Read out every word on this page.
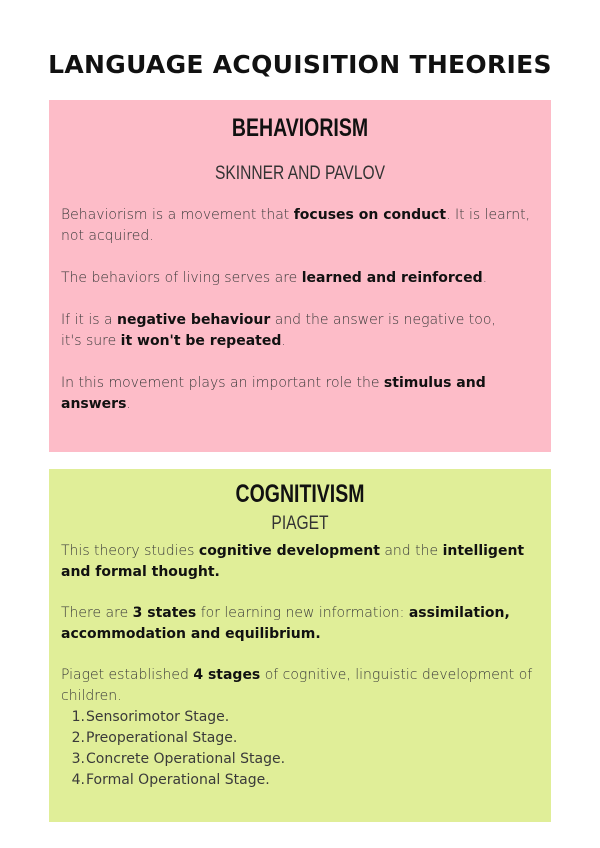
LANGUAGE ACQUISITION THEORIES
BEHAVIORISM
SKINNER AND PAVLOV

Behaviorism is a movement that focuses on conduct. It is learnt,
not acquired.

The behaviors of living serves are learned and reinforced.

If it is a negative behaviour and the answer is negative too,
it's sure it won't be repeated.

In this movement plays an important role the stimulus and answers.

COGNITIVISM
PIAGET

This theory studies cognitive development and the intelligent and formal thought.

There are 3 states for learning new information: assimilation, accommodation and equilibrium.

Piaget established 4 stages of cognitive, linguistic development of children.

1. Sensorimotor Stage.
2. Preoperational Stage.
3. Concrete Operational Stage.
4. Formal Operational Stage.
